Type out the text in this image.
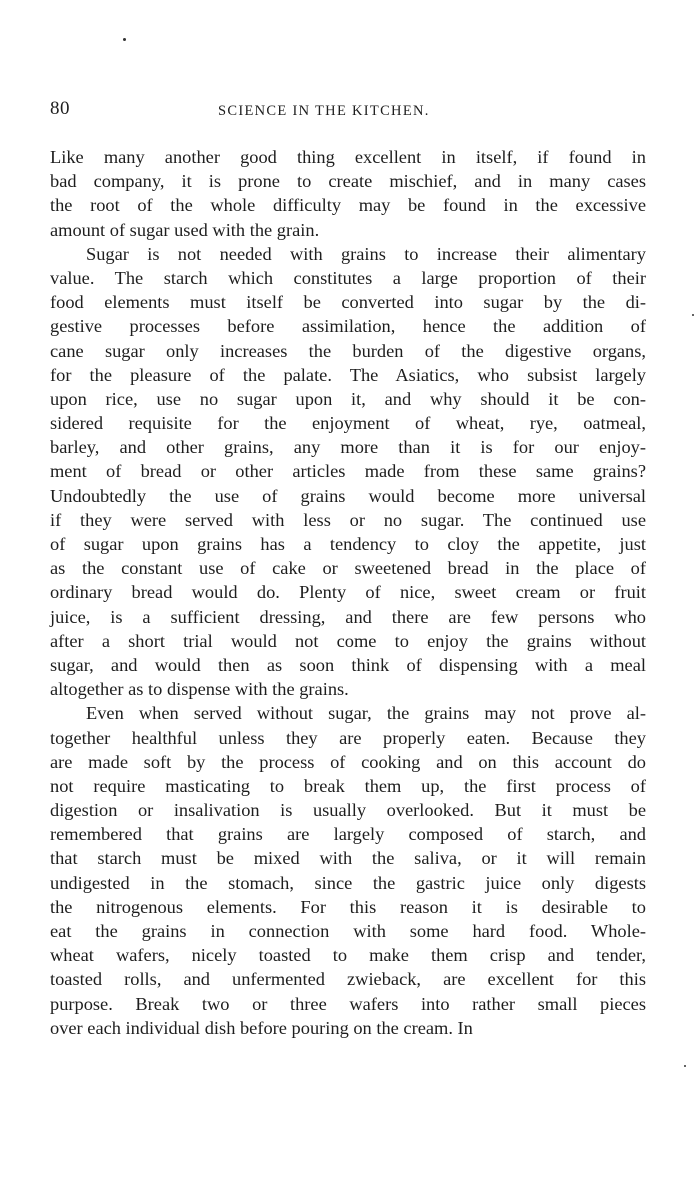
80	SCIENCE IN THE KITCHEN.
Like many another good thing excellent in itself, if found in
bad company, it is prone to create mischief, and in many cases
the root of the whole difficulty may be found in the excessive
amount of sugar used with the grain.
Sugar is not needed with grains to increase their alimentary
value. The starch which constitutes a large proportion of their
food elements must itself be converted into sugar by the di-
gestive processes before assimilation, hence the addition of
cane sugar only increases the burden of the digestive organs,
for the pleasure of the palate. The Asiatics, who subsist largely
upon rice, use no sugar upon it, and why should it be con-
sidered requisite for the enjoyment of wheat, rye, oatmeal,
barley, and other grains, any more than it is for our enjoy-
ment of bread or other articles made from these same grains?
Undoubtedly the use of grains would become more universal
if they were served with less or no sugar. The continued use
of sugar upon grains has a tendency to cloy the appetite, just
as the constant use of cake or sweetened bread in the place of
ordinary bread would do. Plenty of nice, sweet cream or fruit
juice, is a sufficient dressing, and there are few persons who
after a short trial would not come to enjoy the grains without
sugar, and would then as soon think of dispensing with a meal
altogether as to dispense with the grains.
Even when served without sugar, the grains may not prove al-
together healthful unless they are properly eaten. Because they
are made soft by the process of cooking and on this account do
not require masticating to break them up, the first process of
digestion or insalivation is usually overlooked. But it must be
remembered that grains are largely composed of starch, and
that starch must be mixed with the saliva, or it will remain
undigested in the stomach, since the gastric juice only digests
the nitrogenous elements. For this reason it is desirable to
eat the grains in connection with some hard food. Whole-
wheat wafers, nicely toasted to make them crisp and tender,
toasted rolls, and unfermented zwieback, are excellent for this
purpose. Break two or three wafers into rather small pieces
over each individual dish before pouring on the cream. In
